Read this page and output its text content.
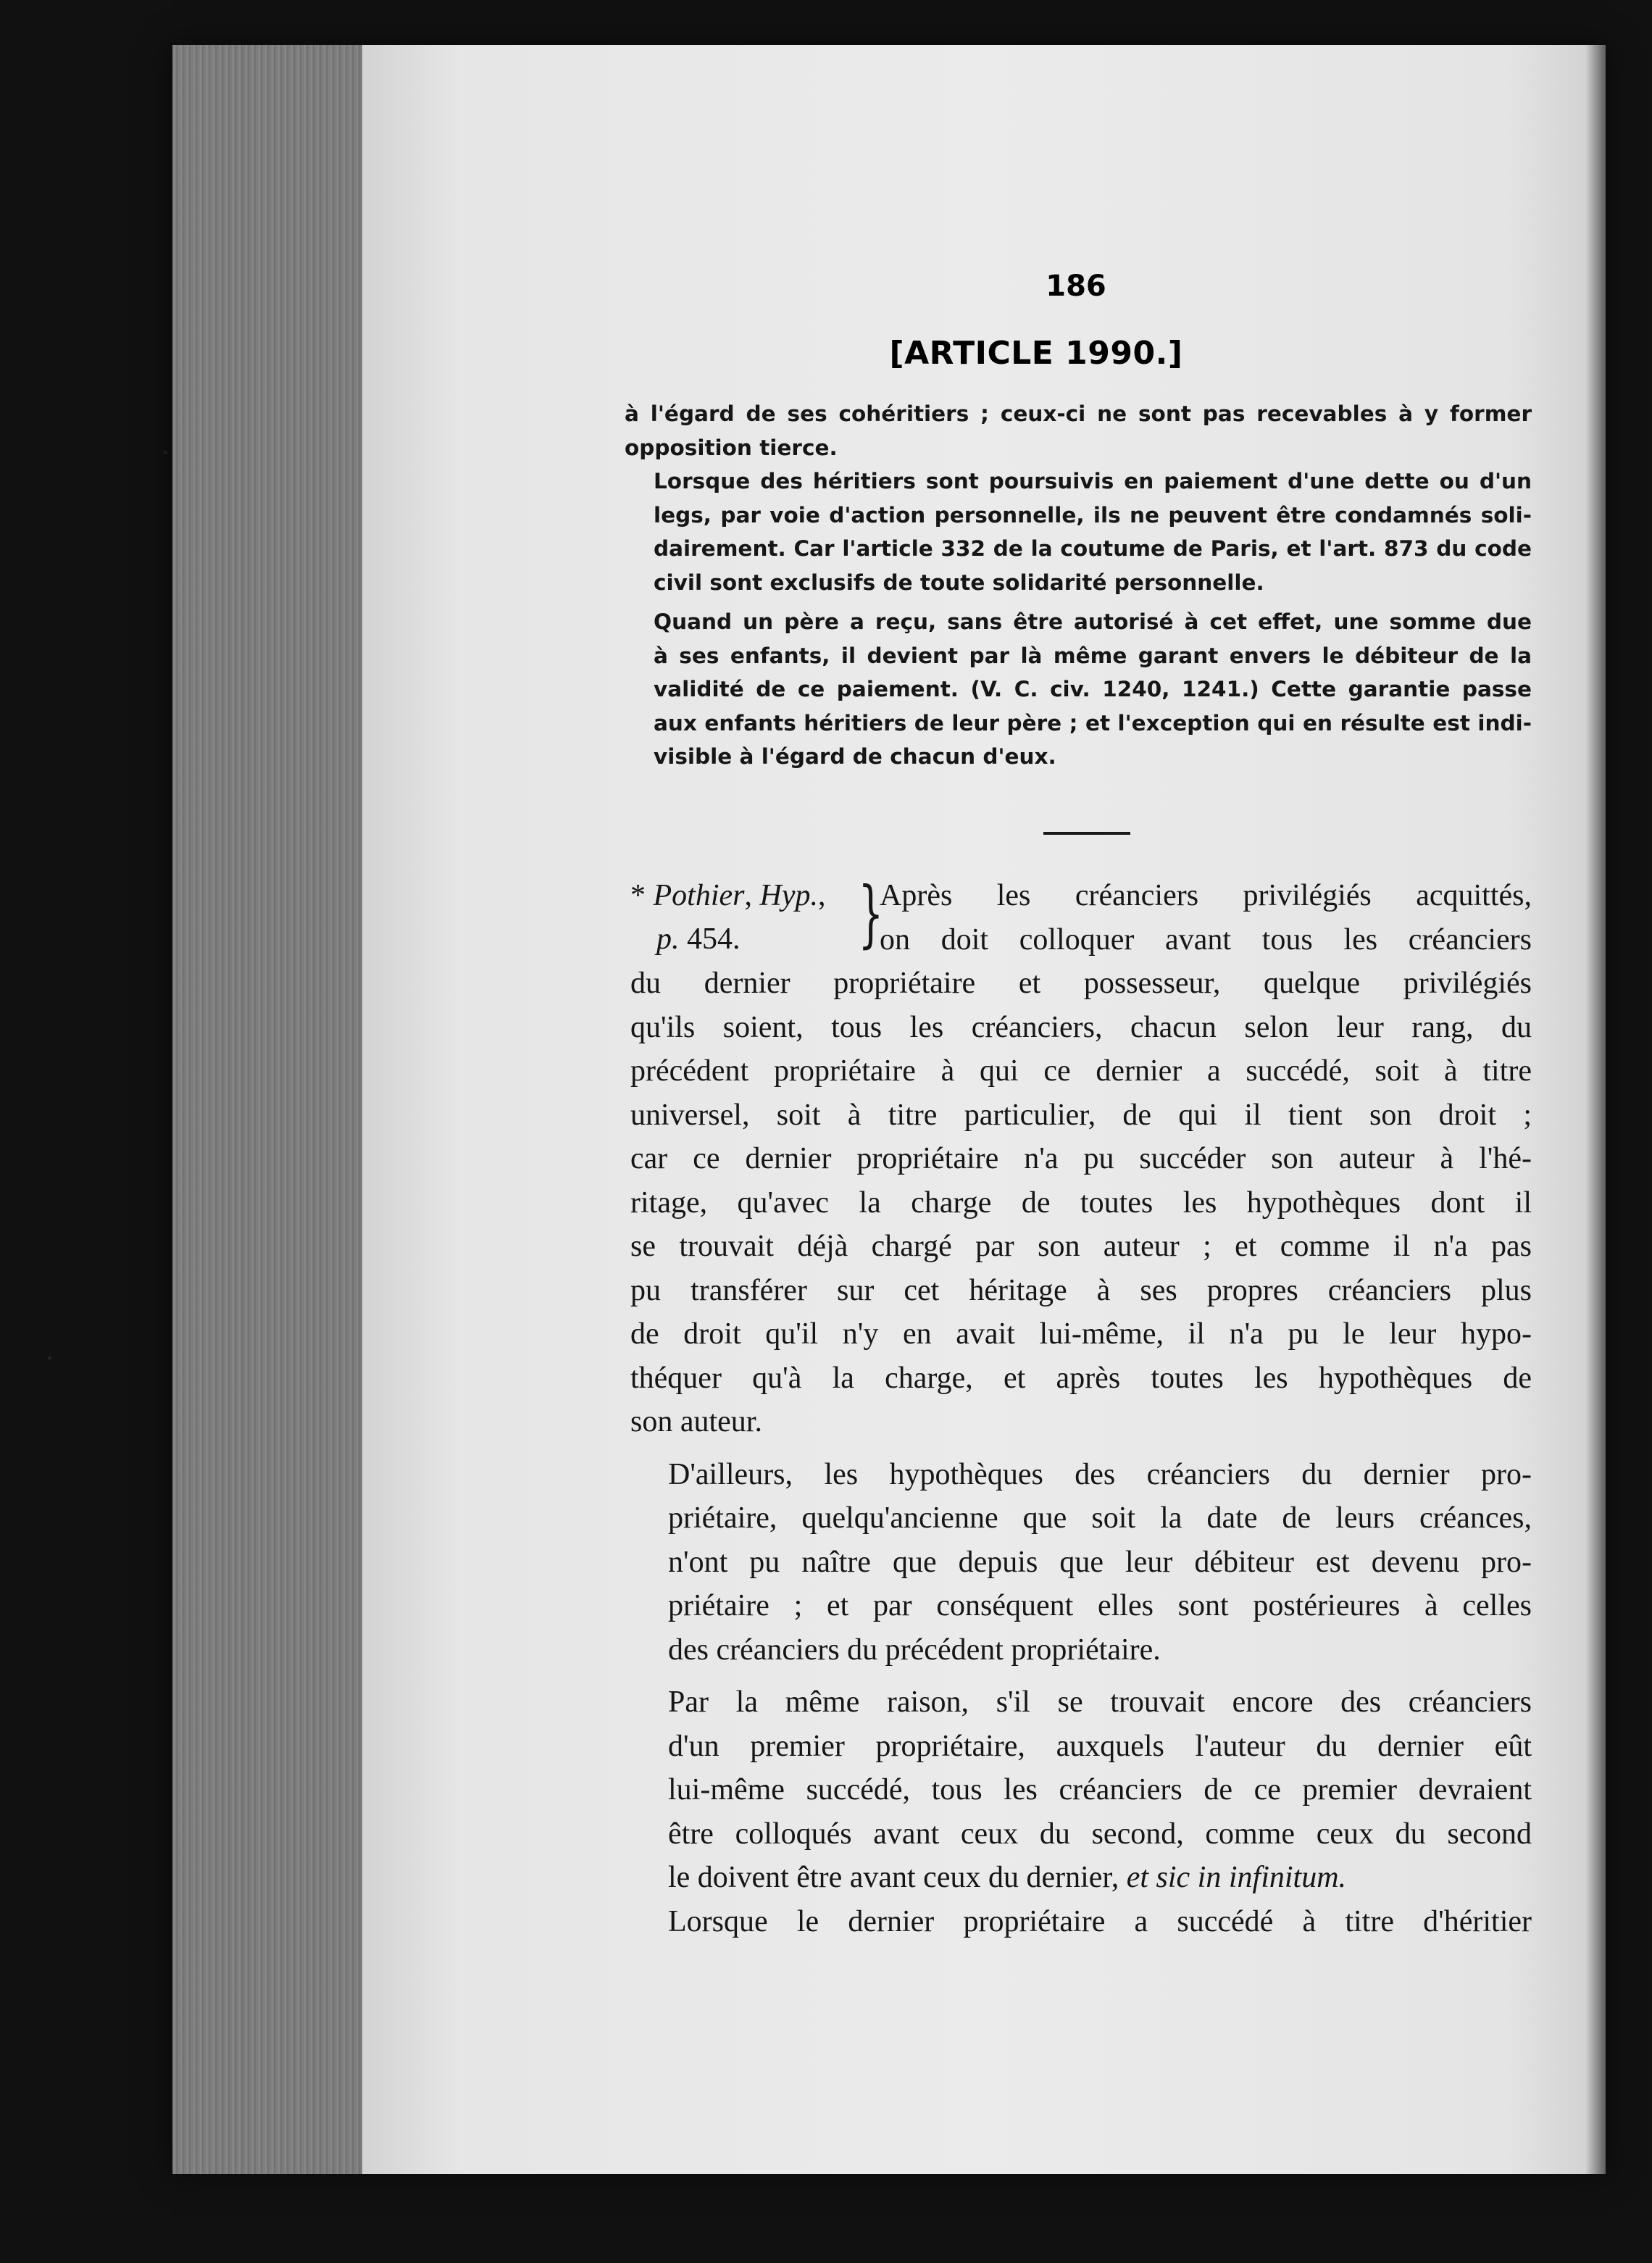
186
[ARTICLE 1990.]

à l'égard de ses cohéritiers ; ceux-ci ne sont pas recevables à y former
opposition tierce.

Lorsque des héritiers sont poursuivis en paiement d'une dette ou d'un
legs, par voie d'action personnelle, ils ne peuvent être condamnés soli-
dairement. Car l'article 332 de la coutume de Paris, et l'art. 873 du code
civil sont exclusifs de toute solidarité personnelle.

Quand un père a reçu, sans être autorisé à cet effet, une somme due
à ses enfants, il devient par là même garant envers le débiteur de la
validité de ce paiement. (V. C. civ. 1240, 1241.) Cette garantie passe
aux enfants héritiers de leur père ; et l'exception qui en résulte est indi-
visible à l'égard de chacun d'eux.

* Pothier, Hyp.,
p. 454. }

Après les créanciers privilégiés acquittés,
on doit colloquer avant tous les créanciers
du dernier propriétaire et possesseur, quelque privilégiés
qu'ils soient, tous les créanciers, chacun selon leur rang, du
précédent propriétaire à qui ce dernier a succédé, soit à titre
universel, soit à titre particulier, de qui il tient son droit ;
car ce dernier propriétaire n'a pu succéder son auteur à l'hé-
ritage, qu'avec la charge de toutes les hypothèques dont il
se trouvait déjà chargé par son auteur ; et comme il n'a pas
pu transférer sur cet héritage à ses propres créanciers plus
de droit qu'il n'y en avait lui-même, il n'a pu le leur hypo-
théquer qu'à la charge, et après toutes les hypothèques de
son auteur.

D'ailleurs, les hypothèques des créanciers du dernier pro-
priétaire, quelqu'ancienne que soit la date de leurs créances,
n'ont pu naître que depuis que leur débiteur est devenu pro-
priétaire ; et par conséquent elles sont postérieures à celles
des créanciers du précédent propriétaire.

Par la même raison, s'il se trouvait encore des créanciers
d'un premier propriétaire, auxquels l'auteur du dernier eût
lui-même succédé, tous les créanciers de ce premier devraient
être colloqués avant ceux du second, comme ceux du second
le doivent être avant ceux du dernier, et sic in infinitum.

Lorsque le dernier propriétaire a succédé à titre d'héritier
